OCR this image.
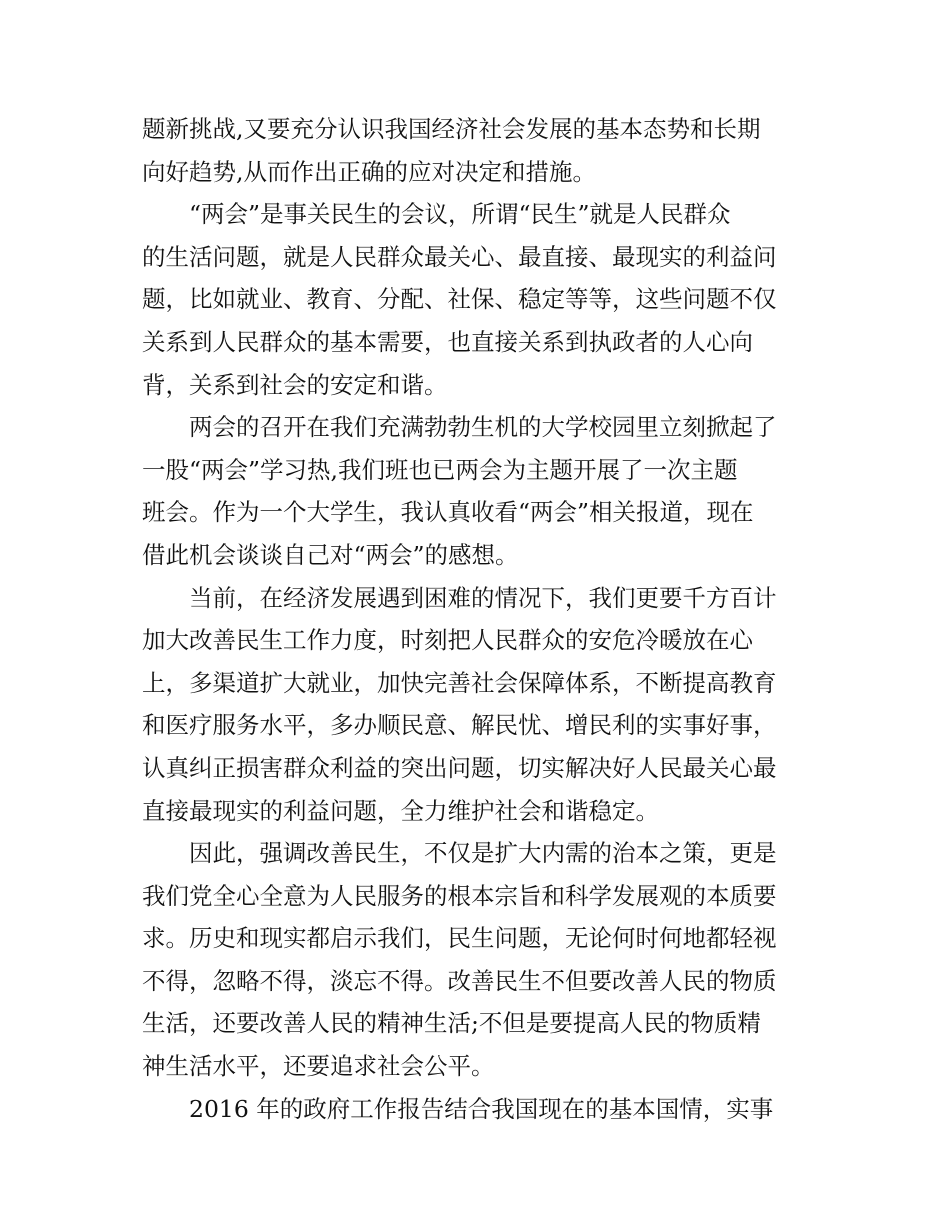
题新挑战,又要充分认识我国经济社会发展的基本态势和长期
向好趋势,从而作出正确的应对决定和措施。
“两会”是事关民生的会议，所谓“民生”就是人民群众
的生活问题，就是人民群众最关心、最直接、最现实的利益问
题，比如就业、教育、分配、社保、稳定等等，这些问题不仅
关系到人民群众的基本需要，也直接关系到执政者的人心向
背，关系到社会的安定和谐。
两会的召开在我们充满勃勃生机的大学校园里立刻掀起了
一股“两会”学习热,我们班也已两会为主题开展了一次主题
班会。作为一个大学生，我认真收看“两会”相关报道，现在
借此机会谈谈自己对“两会”的感想。
当前，在经济发展遇到困难的情况下，我们更要千方百计
加大改善民生工作力度，时刻把人民群众的安危冷暖放在心
上，多渠道扩大就业，加快完善社会保障体系，不断提高教育
和医疗服务水平，多办顺民意、解民忧、增民利的实事好事，
认真纠正损害群众利益的突出问题，切实解决好人民最关心最
直接最现实的利益问题，全力维护社会和谐稳定。
因此，强调改善民生，不仅是扩大内需的治本之策，更是
我们党全心全意为人民服务的根本宗旨和科学发展观的本质要
求。历史和现实都启示我们，民生问题，无论何时何地都轻视
不得，忽略不得，淡忘不得。改善民生不但要改善人民的物质
生活，还要改善人民的精神生活;不但是要提高人民的物质精
神生活水平，还要追求社会公平。
2016 年的政府工作报告结合我国现在的基本国情，实事
